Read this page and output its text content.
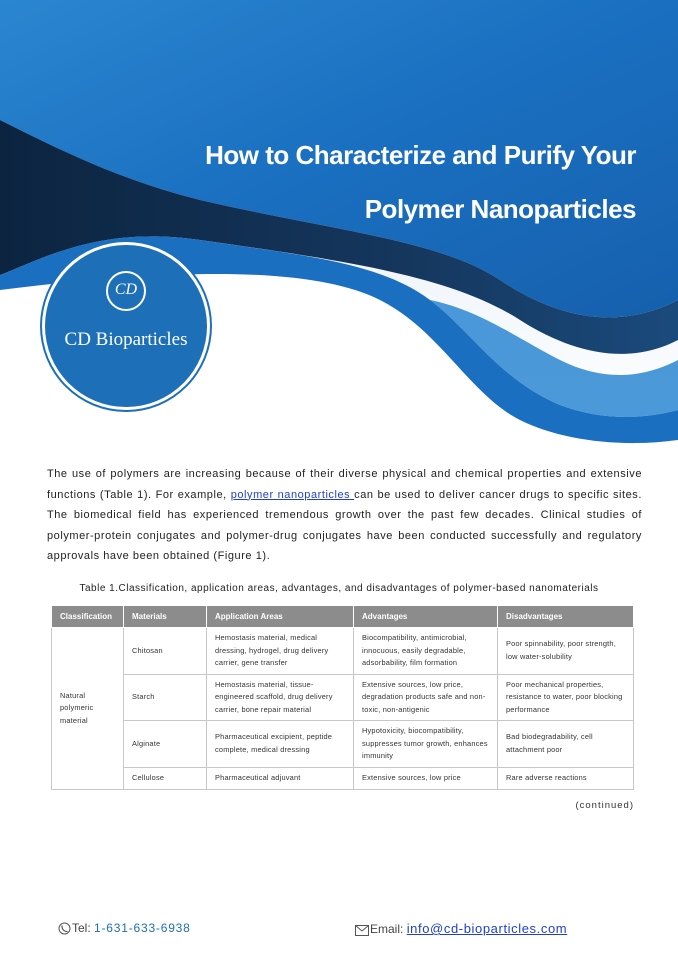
How to Characterize and Purify Your
Polymer Nanoparticles
CD
CD Bioparticles

The use of polymers are increasing because of their diverse physical and chemical properties and extensive functions (Table 1). For example, polymer nanoparticles can be used to deliver cancer drugs to specific sites. The biomedical field has experienced tremendous growth over the past few decades. Clinical studies of polymer-protein conjugates and polymer-drug conjugates have been conducted successfully and regulatory approvals have been obtained (Figure 1).

Table 1.Classification, application areas, advantages, and disadvantages of polymer-based nanomaterials

Classification	Materials	Application Areas	Advantages	Disadvantages
Natural polymeric material	Chitosan	Hemostasis material, medical dressing, hydrogel, drug delivery carrier, gene transfer	Biocompatibility, antimicrobial, innocuous, easily degradable, adsorbability, film formation	Poor spinnability, poor strength, low water-solubility
	Starch	Hemostasis material, tissue-engineered scaffold, drug delivery carrier, bone repair material	Extensive sources, low price, degradation products safe and non-toxic, non-antigenic	Poor mechanical properties, resistance to water, poor blocking performance
	Alginate	Pharmaceutical excipient, peptide complete, medical dressing	Hypotoxicity, biocompatibility, suppresses tumor growth, enhances immunity	Bad biodegradability, cell attachment poor
	Cellulose	Pharmaceutical adjuvant	Extensive sources, low price	Rare adverse reactions

(continued)

Tel: 1-631-633-6938	Email: info@cd-bioparticles.com
